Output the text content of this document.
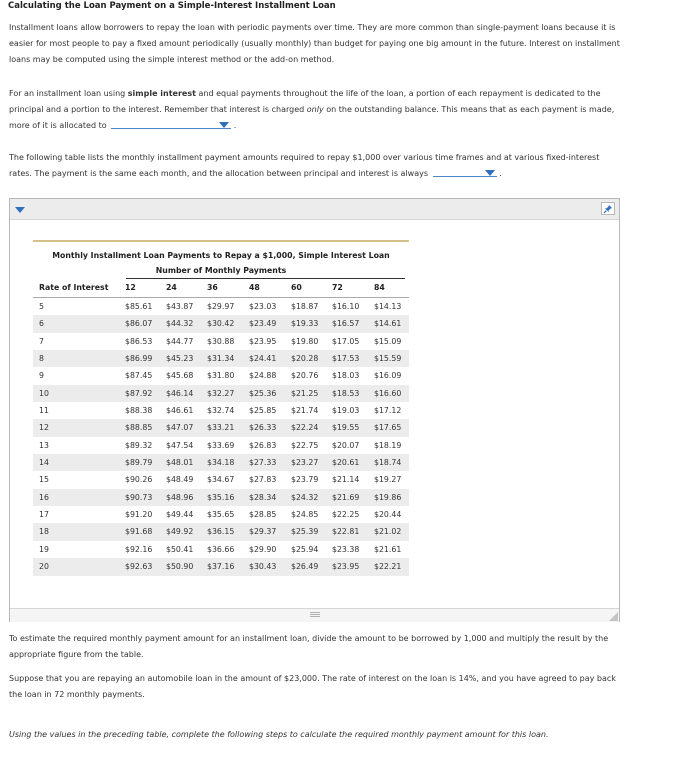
Calculating the Loan Payment on a Simple-Interest Installment Loan
Installment loans allow borrowers to repay the loan with periodic payments over time. They are more common than single-payment loans because it is easier for most people to pay a fixed amount periodically (usually monthly) than budget for paying one big amount in the future. Interest on installment loans may be computed using the simple interest method or the add-on method.
For an installment loan using simple interest and equal payments throughout the life of the loan, a portion of each repayment is dedicated to the principal and a portion to the interest. Remember that interest is charged only on the outstanding balance. This means that as each payment is made, more of it is allocated to	.
The following table lists the monthly installment payment amounts required to repay $1,000 over various time frames and at various fixed-interest rates. The payment is the same each month, and the allocation between principal and interest is always	.
Monthly Installment Loan Payments to Repay a $1,000, Simple Interest Loan
Number of Monthly Payments
Rate of Interest 12	24	36	48	60	72	84
5	$85.61 $43.87 $29.97 $23.03 $18.87 $16.10 $14.13
6	$86.07 $44.32 $30.42 $23.49 $19.33 $16.57 $14.61
7	$86.53 $44.77 $30.88 $23.95 $19.80 $17.05 $15.09
8	$86.99 $45.23 $31.34 $24.41 $20.28 $17.53 $15.59
9	$87.45 $45.68 $31.80 $24.88 $20.76 $18.03 $16.09
10	$87.92 $46.14 $32.27 $25.36 $21.25 $18.53 $16.60
11	$88.38 $46.61 $32.74 $25.85 $21.74 $19.03 $17.12
12	$88.85 $47.07 $33.21 $26.33 $22.24 $19.55 $17.65
13	$89.32 $47.54 $33.69 $26.83 $22.75 $20.07 $18.19
14	$89.79 $48.01 $34.18 $27.33 $23.27 $20.61 $18.74
15	$90.26 $48.49 $34.67 $27.83 $23.79 $21.14 $19.27
16	$90.73 $48.96 $35.16 $28.34 $24.32 $21.69 $19.86
17	$91.20 $49.44 $35.65 $28.85 $24.85 $22.25 $20.44
18	$91.68 $49.92 $36.15 $29.37 $25.39 $22.81 $21.02
19	$92.16 $50.41 $36.66 $29.90 $25.94 $23.38 $21.61
20	$92.63 $50.90 $37.16 $30.43 $26.49 $23.95 $22.21
To estimate the required monthly payment amount for an installment loan, divide the amount to be borrowed by 1,000 and multiply the result by the appropriate figure from the table.
Suppose that you are repaying an automobile loan in the amount of $23,000. The rate of interest on the loan is 14%, and you have agreed to pay back the loan in 72 monthly payments.
Using the values in the preceding table, complete the following steps to calculate the required monthly payment amount for this loan.
